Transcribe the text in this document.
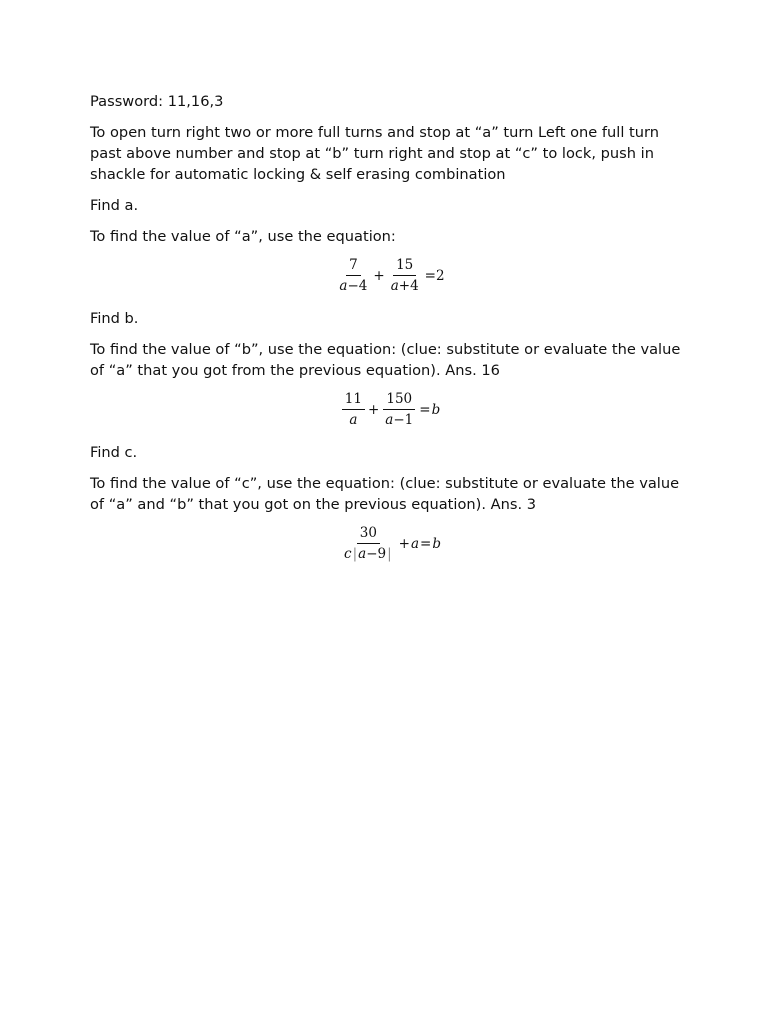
Password: 11,16,3

To open turn right two or more full turns and stop at “a” turn Left one full turn past above number and stop at “b” turn right and stop at “c” to lock, push in shackle for automatic locking & self erasing combination

Find a.

To find the value of “a”, use the equation:

$\frac{7}{a-4} + \frac{15}{a+4} =2$

Find b.

To find the value of “b”, use the equation: (clue: substitute or evaluate the value of “a” that you got from the previous equation). Ans. 16

$\frac{11}{a} + \frac{150}{a-1} = b$

Find c.

To find the value of “c”, use the equation: (clue: substitute or evaluate the value of “a” and “b” that you got on the previous equation). Ans. 3

$\frac{30}{c|a-9|} + a = b$
